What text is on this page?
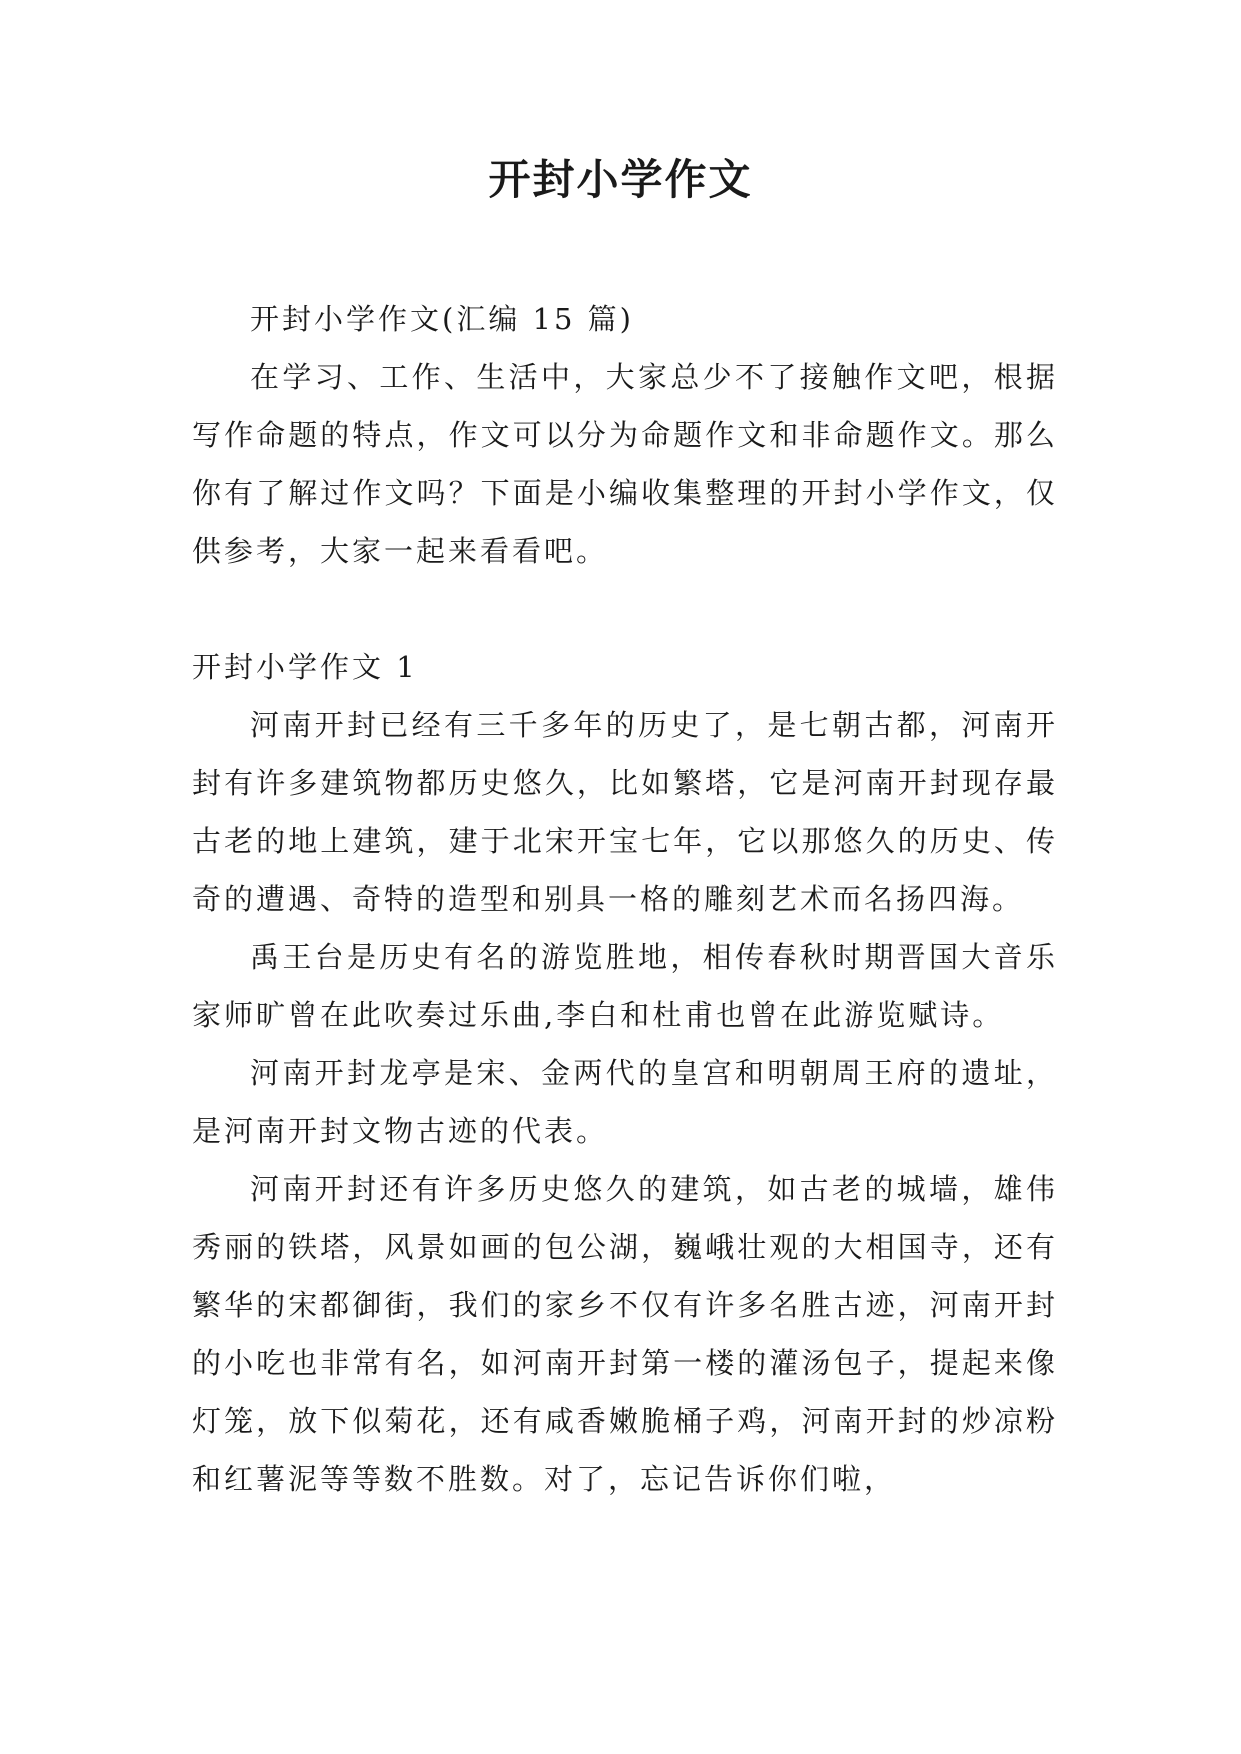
开封小学作文

开封小学作文(汇编 15 篇)

在学习、工作、生活中，大家总少不了接触作文吧，根据写作命题的特点，作文可以分为命题作文和非命题作文。那么你有了解过作文吗？下面是小编收集整理的开封小学作文，仅供参考，大家一起来看看吧。

开封小学作文 1

河南开封已经有三千多年的历史了，是七朝古都，河南开封有许多建筑物都历史悠久，比如繁塔，它是河南开封现存最古老的地上建筑，建于北宋开宝七年，它以那悠久的历史、传奇的遭遇、奇特的造型和别具一格的雕刻艺术而名扬四海。

禹王台是历史有名的游览胜地，相传春秋时期晋国大音乐家师旷曾在此吹奏过乐曲,李白和杜甫也曾在此游览赋诗。

河南开封龙亭是宋、金两代的皇宫和明朝周王府的遗址，是河南开封文物古迹的代表。

河南开封还有许多历史悠久的建筑，如古老的城墙，雄伟秀丽的铁塔，风景如画的包公湖，巍峨壮观的大相国寺，还有繁华的宋都御街，我们的家乡不仅有许多名胜古迹，河南开封的小吃也非常有名，如河南开封第一楼的灌汤包子，提起来像灯笼，放下似菊花，还有咸香嫩脆桶子鸡，河南开封的炒凉粉和红薯泥等等数不胜数。对了，忘记告诉你们啦，
